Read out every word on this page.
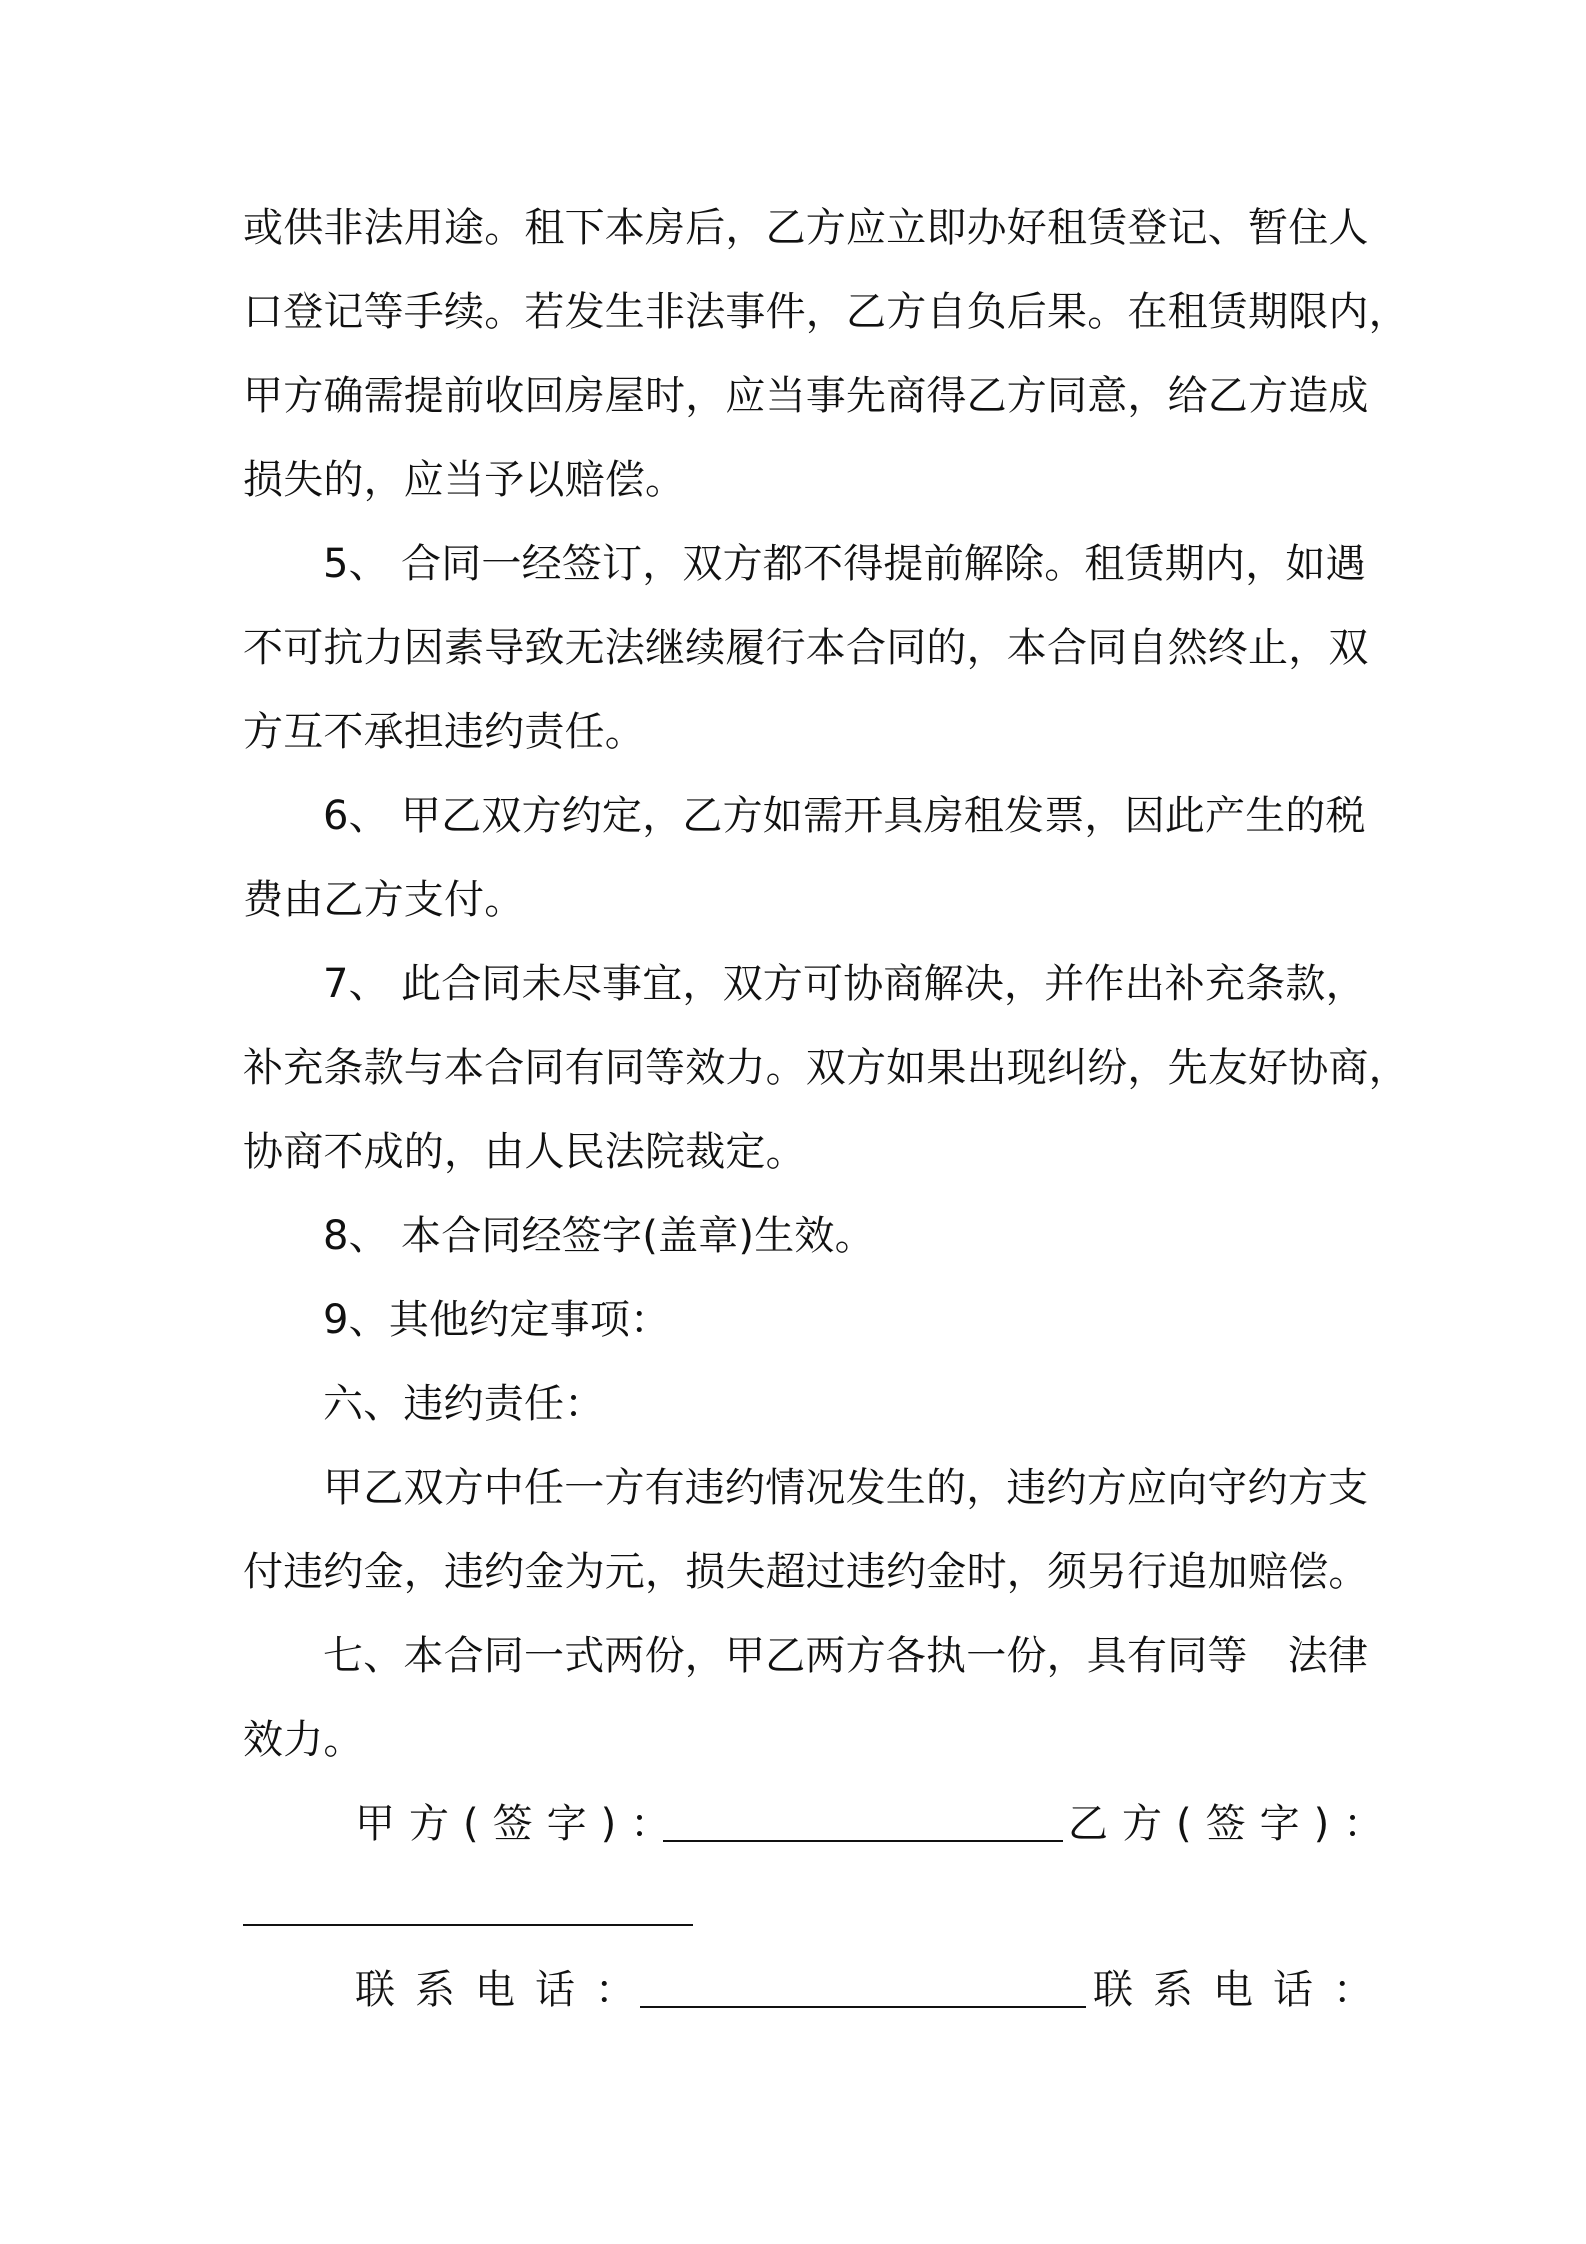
或供非法用途。租下本房后，乙方应立即办好租赁登记、暂住人
口登记等手续。若发生非法事件，乙方自负后果。在租赁期限内，
甲方确需提前收回房屋时，应当事先商得乙方同意，给乙方造成
损失的，应当予以赔偿。
5、 合同一经签订，双方都不得提前解除。租赁期内，如遇
不可抗力因素导致无法继续履行本合同的，本合同自然终止，双
方互不承担违约责任。
6、 甲乙双方约定，乙方如需开具房租发票，因此产生的税
费由乙方支付。
7、 此合同未尽事宜，双方可协商解决，并作出补充条款，
补充条款与本合同有同等效力。双方如果出现纠纷，先友好协商，
协商不成的，由人民法院裁定。
8、 本合同经签字(盖章)生效。
9、其他约定事项：
六、违约责任：
甲乙双方中任一方有违约情况发生的，违约方应向守约方支
付违约金，违约金为元，损失超过违约金时，须另行追加赔偿。
七、本合同一式两份，甲乙两方各执一份，具有同等　法律
效力。
甲方(签字)：	乙方(签字)：
联系电话：	联系电话：
